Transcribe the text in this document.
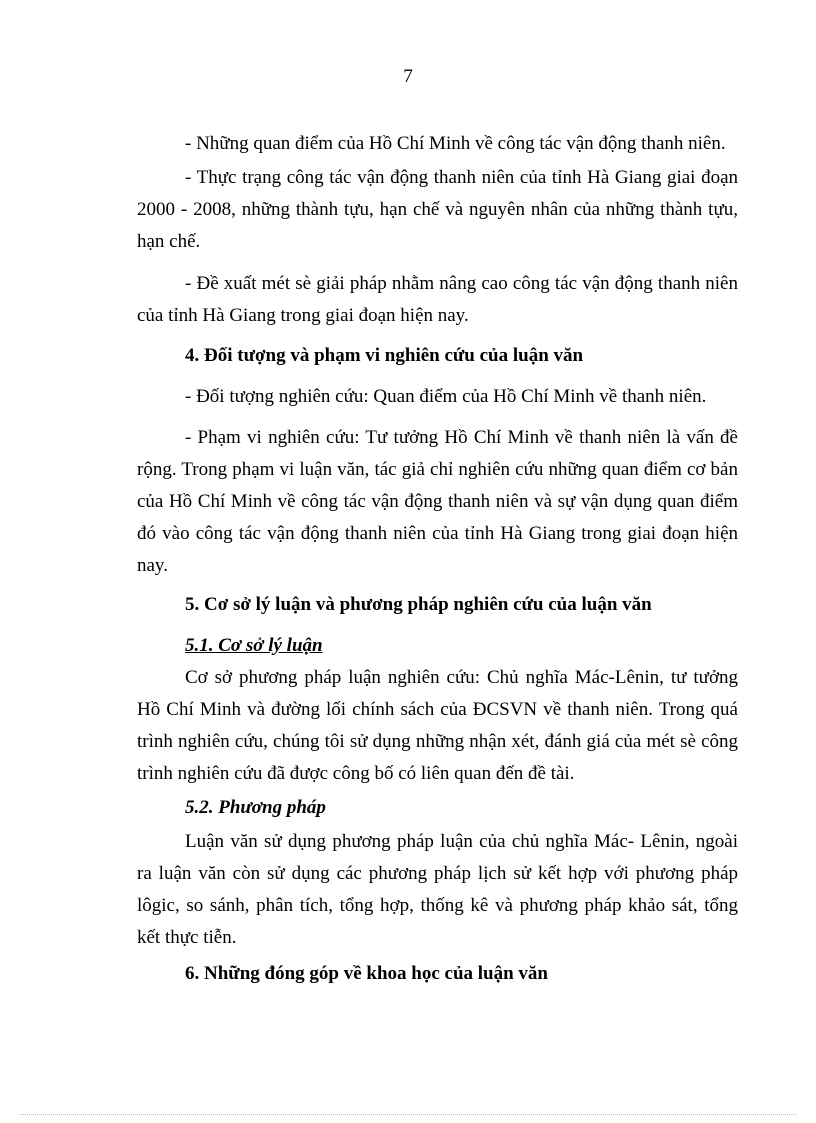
7

- Những quan điểm của Hồ Chí Minh về công tác vận động thanh niên.

- Thực trạng công tác vận động thanh niên của tỉnh Hà Giang giai đoạn 2000 - 2008, những thành tựu, hạn chế và nguyên nhân của những thành tựu, hạn chế.

- Đề xuất mét sè giải pháp nhằm nâng cao công tác vận động thanh niên của tỉnh Hà Giang trong giai đoạn hiện nay.

4. Đối tượng và phạm vi nghiên cứu của luận văn

- Đối tượng nghiên cứu: Quan điểm của Hồ Chí Minh về thanh niên.

- Phạm vi nghiên cứu: Tư tưởng Hồ Chí Minh về thanh niên là vấn đề rộng. Trong phạm vi luận văn, tác giả chỉ nghiên cứu những quan điểm cơ bản của Hồ Chí Minh về công tác vận động thanh niên và sự vận dụng quan điểm đó vào công tác vận động thanh niên của tỉnh Hà Giang trong giai đoạn hiện nay.

5. Cơ sở lý luận và phương pháp nghiên cứu của luận văn

5.1. Cơ sở lý luận

Cơ sở phương pháp luận nghiên cứu: Chủ nghĩa Mác-Lênin, tư tưởng Hồ Chí Minh và đường lối chính sách của ĐCSVN về thanh niên. Trong quá trình nghiên cứu, chúng tôi sử dụng những nhận xét, đánh giá của mét sè công trình nghiên cứu đã được công bố có liên quan đến đề tài.

5.2. Phương pháp

Luận văn sử dụng phương pháp luận của chủ nghĩa Mác- Lênin, ngoài ra luận văn còn sử dụng các phương pháp lịch sử kết hợp với phương pháp lôgic, so sánh, phân tích, tổng hợp, thống kê và phương pháp khảo sát, tổng kết thực tiễn.

6. Những đóng góp về khoa học của luận văn
